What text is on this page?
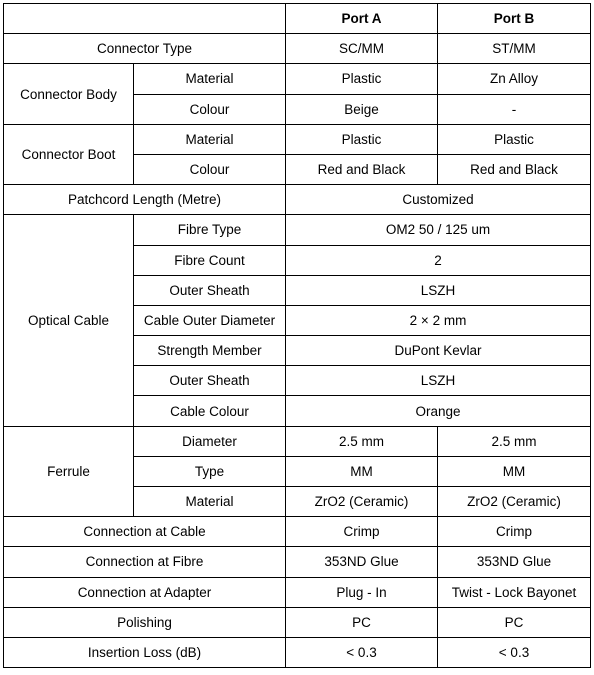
		Port A	Port B
Connector Type		SC/MM	ST/MM
Connector Body	Material	Plastic	Zn Alloy
	Colour	Beige	-
Connector Boot	Material	Plastic	Plastic
	Colour	Red and Black	Red and Black
Patchcord Length (Metre)		Customized	
Optical Cable	Fibre Type	OM2 50 / 125 um	
	Fibre Count	2	
	Outer Sheath	LSZH	
	Cable Outer Diameter	2 × 2 mm	
	Strength Member	DuPont Kevlar	
	Outer Sheath	LSZH	
	Cable Colour	Orange	
Ferrule	Diameter	2.5 mm	2.5 mm
	Type	MM	MM
	Material	ZrO2 (Ceramic)	ZrO2 (Ceramic)
Connection at Cable		Crimp	Crimp
Connection at Fibre		353ND Glue	353ND Glue
Connection at Adapter		Plug - In	Twist - Lock Bayonet
Polishing		PC	PC
Insertion Loss (dB)		< 0.3	< 0.3
